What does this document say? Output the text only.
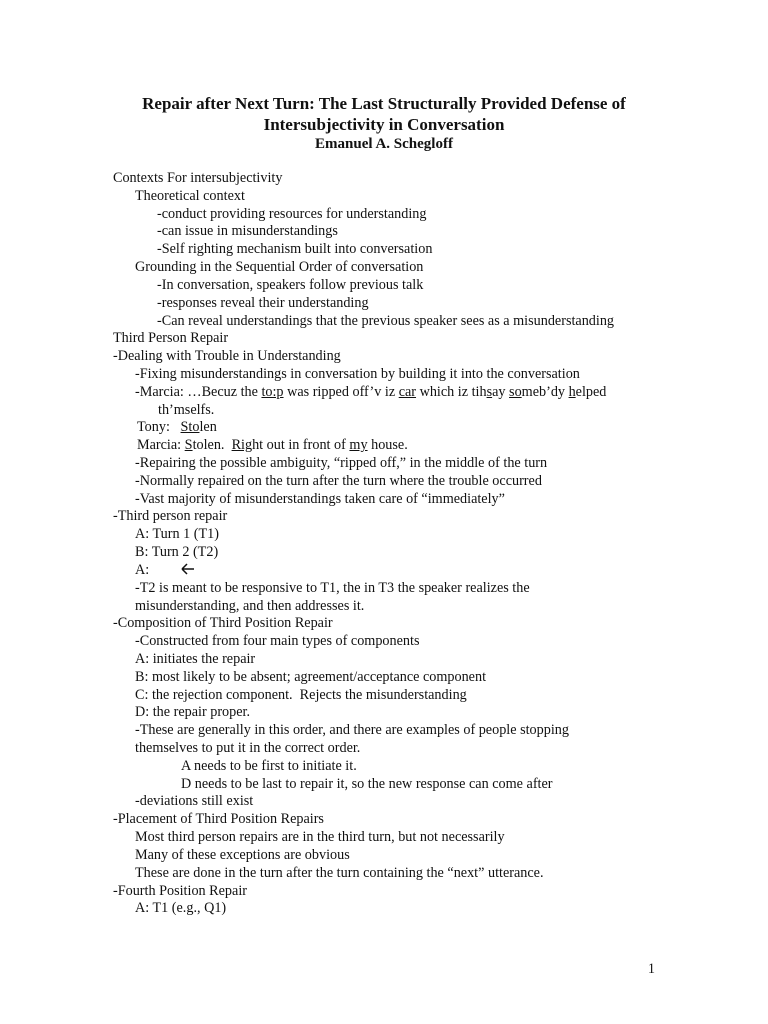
Repair after Next Turn: The Last Structurally Provided Defense of
Intersubjectivity in Conversation
Emanuel A. Schegloff
Contexts For intersubjectivity
Theoretical context
-conduct providing resources for understanding
-can issue in misunderstandings
-Self righting mechanism built into conversation
Grounding in the Sequential Order of conversation
-In conversation, speakers follow previous talk
-responses reveal their understanding
-Can reveal understandings that the previous speaker sees as a misunderstanding
Third Person Repair
-Dealing with Trouble in Understanding
-Fixing misunderstandings in conversation by building it into the conversation
-Marcia: …Becuz the to:p was ripped off’v iz car which iz tihsay someb’dy helped
th’mselfs.
Tony:   Stolen
Marcia: Stolen.  Right out in front of my house.
-Repairing the possible ambiguity, “ripped off,” in the middle of the turn
-Normally repaired on the turn after the turn where the trouble occurred
-Vast majority of misunderstandings taken care of “immediately”
-Third person repair
A: Turn 1 (T1)
B: Turn 2 (T2)
A:
-T2 is meant to be responsive to T1, the in T3 the speaker realizes the
misunderstanding, and then addresses it.
-Composition of Third Position Repair
-Constructed from four main types of components
A: initiates the repair
B: most likely to be absent; agreement/acceptance component
C: the rejection component.  Rejects the misunderstanding
D: the repair proper.
-These are generally in this order, and there are examples of people stopping
themselves to put it in the correct order.
A needs to be first to initiate it.
D needs to be last to repair it, so the new response can come after
-deviations still exist
-Placement of Third Position Repairs
Most third person repairs are in the third turn, but not necessarily
Many of these exceptions are obvious
These are done in the turn after the turn containing the “next” utterance.
-Fourth Position Repair
A: T1 (e.g., Q1)
1
